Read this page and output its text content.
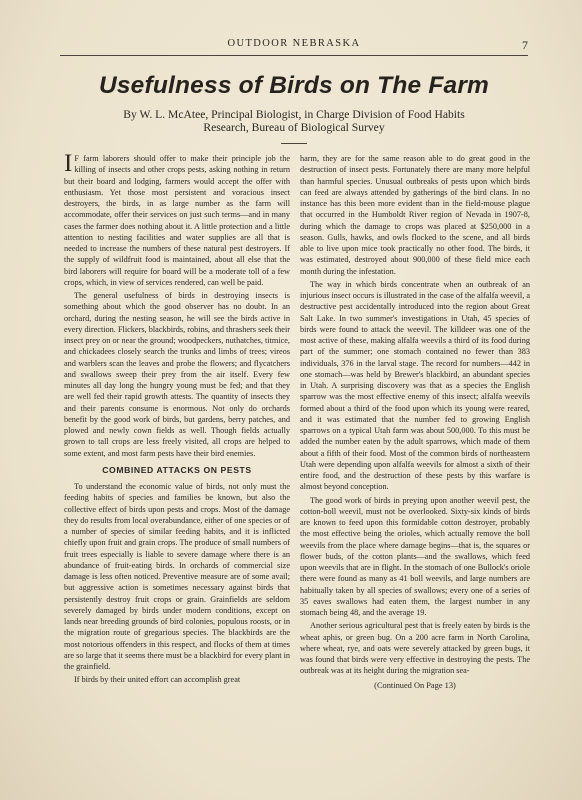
OUTDOOR NEBRASKA	7
Usefulness of Birds on The Farm
By W. L. McAtee, Principal Biologist, in Charge Division of Food Habits
Research, Bureau of Biological Survey

I F farm laborers should offer to make their principle job the killing of insects and other crops pests, asking nothing in return but their board and lodging, farmers would accept the offer with enthusiasm. Yet those most persistent and voracious insect destroyers, the birds, in as large number as the farm will accommodate, offer their services on just such terms—and in many cases the farmer does nothing about it. A little protection and a little attention to nesting facilities and water supplies are all that is needed to increase the numbers of these natural pest destroyers. If the supply of wildfruit food is maintained, about all else that the bird laborers will require for board will be a moderate toll of a few crops, which, in view of services rendered, can well be paid.

The general usefulness of birds in destroying insects is something about which the good observer has no doubt. In an orchard, during the nesting season, he will see the birds active in every direction. Flickers, blackbirds, robins, and thrashers seek their insect prey on or near the ground; woodpeckers, nuthatches, titmice, and chickadees closely search the trunks and limbs of trees; vireos and warblers scan the leaves and probe the flowers; and flycatchers and swallows sweep their prey from the air itself. Every few minutes all day long the hungry young must be fed; and that they are well fed their rapid growth attests. The quantity of insects they and their parents consume is enormous. Not only do orchards benefit by the good work of birds, but gardens, berry patches, and plowed and newly cown fields as well. Though fields actually grown to tall crops are less freely visited, all crops are helped to some extent, and most farm pests have their bird enemies.

COMBINED ATTACKS ON PESTS

To understand the economic value of birds, not only must the feeding habits of species and families be known, but also the collective effect of birds upon pests and crops. Most of the damage they do results from local overabundance, either of one species or of a number of species of similar feeding habits, and it is inflicted chiefly upon fruit and grain crops. The produce of small numbers of fruit trees especially is liable to severe damage where there is an abundance of fruit-eating birds. In orchards of commercial size damage is less often noticed. Preventive measure are of some avail; but aggressive action is sometimes necessary against birds that persistently destroy fruit crops or grain. Grainfields are seldom severely damaged by birds under modern conditions, except on lands near breeding grounds of bird colonies, populous roosts, or in the migration route of gregarious species. The blackbirds are the most notorious offenders in this respect, and flocks of them at times are so large that it seems there must be a blackbird for every plant in the grainfield.

If birds by their united effort can accomplish great

harm, they are for the same reason able to do great good in the destruction of insect pests. Fortunately there are many more helpful than harmful species. Unusual outbreaks of pests upon which birds can feed are always attended by gatherings of the bird clans. In no instance has this been more evident than in the field-mouse plague that occurred in the Humboldt River region of Nevada in 1907-8, during which the damage to crops was placed at $250,000 in a season. Gulls, hawks, and owls flocked to the scene, and all birds able to live upon mice took practically no other food. The birds, it was estimated, destroyed about 900,000 of these field mice each month during the infestation.

The way in which birds concentrate when an outbreak of an injurious insect occurs is illustrated in the case of the alfalfa weevil, a destructive pest accidentally introduced into the region about Great Salt Lake. In two summer's investigations in Utah, 45 species of birds were found to attack the weevil. The killdeer was one of the most active of these, making alfalfa weevils a third of its food during part of the summer; one stomach contained no fewer than 383 individuals, 376 in the larval stage. The record for numbers—442 in one stomach—was held by Brewer's blackbird, an abundant species in Utah. A surprising discovery was that as a species the English sparrow was the most effective enemy of this insect; alfalfa weevils formed about a third of the food upon which its young were reared, and it was estimated that the number fed to growing English sparrows on a typical Utah farm was about 500,000. To this must be added the number eaten by the adult sparrows, which made of them about a fifth of their food. Most of the common birds of northeastern Utah were depending upon alfalfa weevils for almost a sixth of their entire food, and the destruction of these pests by this warfare is almost beyond conception.

The good work of birds in preying upon another weevil pest, the cotton-boll weevil, must not be overlooked. Sixty-six kinds of birds are known to feed upon this formidable cotton destroyer, probably the most effective being the orioles, which actually remove the boll weevils from the place where damage begins—that is, the squares or flower buds, of the cotton plants—and the swallows, which feed upon weevils that are in flight. In the stomach of one Bullock's oriole there were found as many as 41 boll weevils, and large numbers are habitually taken by all species of swallows; every one of a series of 35 eaves swallows had eaten them, the largest number in any stomach being 48, and the average 19.

Another serious agricultural pest that is freely eaten by birds is the wheat aphis, or green bug. On a 200 acre farm in North Carolina, where wheat, rye, and oats were severely attacked by green bugs, it was found that birds were very effective in destroying the pests. The outbreak was at its height during the migration sea-

(Continued On Page 13)
